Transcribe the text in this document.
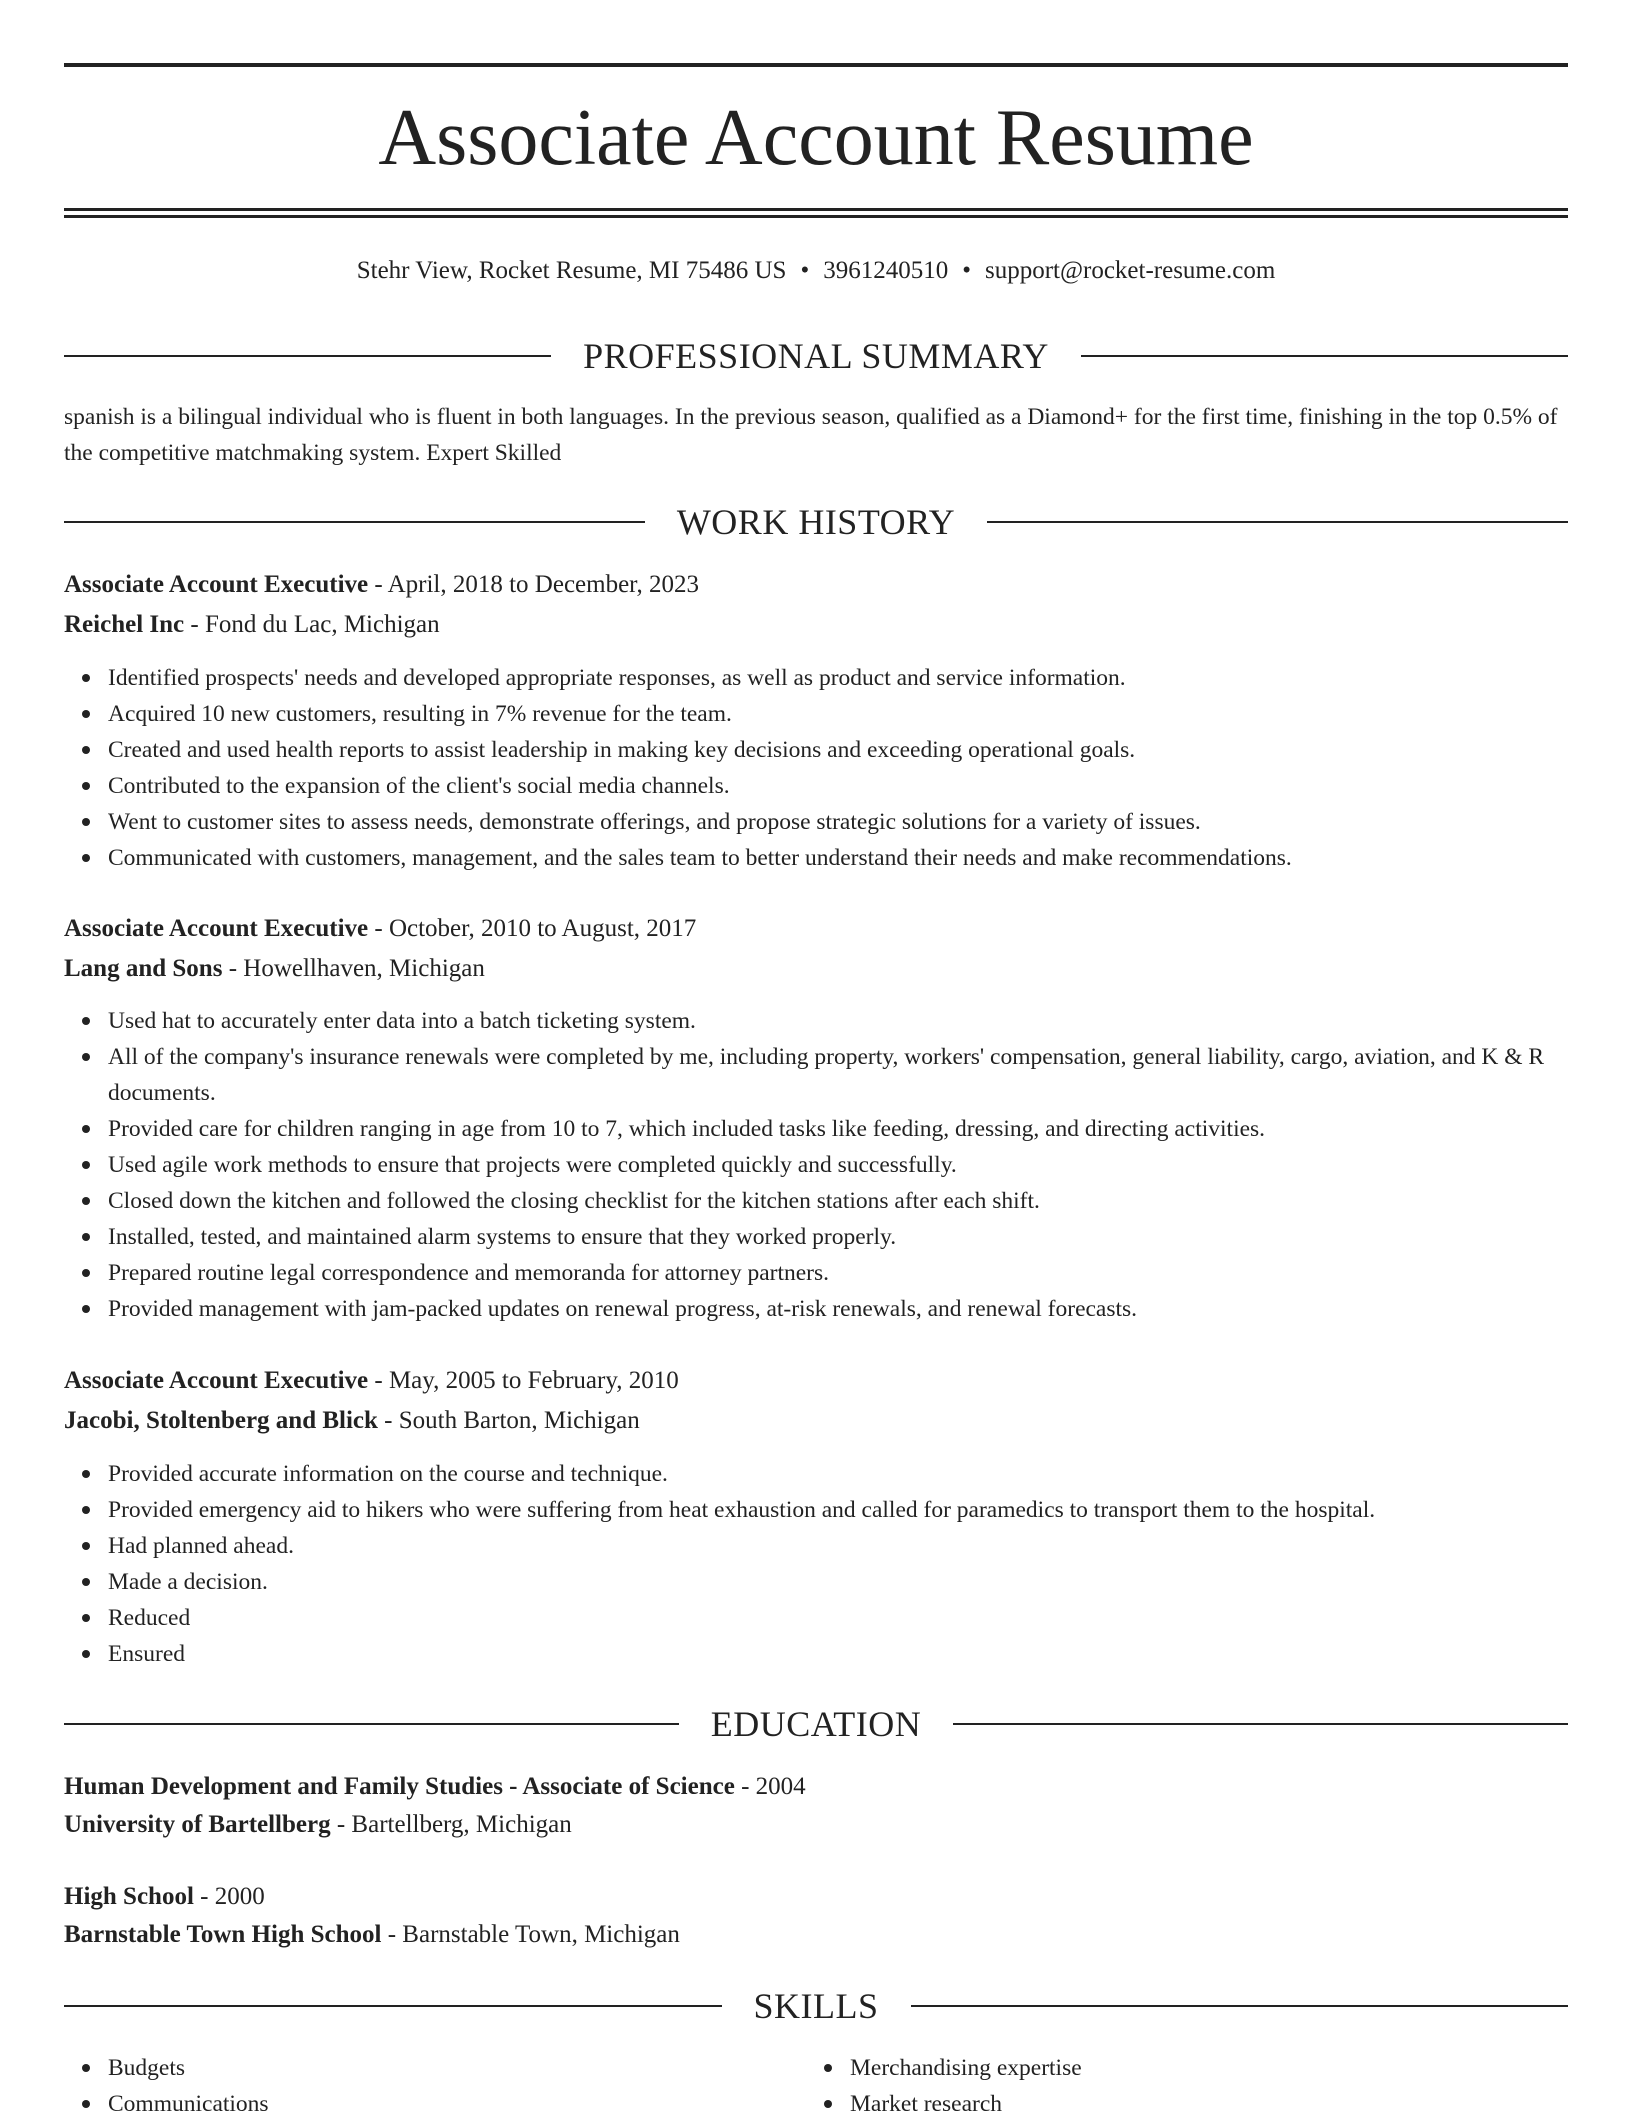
Associate Account Resume
Stehr View, Rocket Resume, MI 75486 US • 3961240510 • support@rocket-resume.com
PROFESSIONAL SUMMARY

spanish is a bilingual individual who is fluent in both languages. In the previous season, qualified as a Diamond+ for the first time, finishing in the top 0.5% of the competitive matchmaking system. Expert Skilled

WORK HISTORY
Associate Account Executive - April, 2018 to December, 2023
Reichel Inc - Fond du Lac, Michigan
Identified prospects' needs and developed appropriate responses, as well as product and service information.
Acquired 10 new customers, resulting in 7% revenue for the team.
Created and used health reports to assist leadership in making key decisions and exceeding operational goals.
Contributed to the expansion of the client's social media channels.
Went to customer sites to assess needs, demonstrate offerings, and propose strategic solutions for a variety of issues.
Communicated with customers, management, and the sales team to better understand their needs and make recommendations.
Associate Account Executive - October, 2010 to August, 2017
Lang and Sons - Howellhaven, Michigan
Used hat to accurately enter data into a batch ticketing system.
All of the company's insurance renewals were completed by me, including property, workers' compensation, general liability, cargo, aviation, and K & R documents.
Provided care for children ranging in age from 10 to 7, which included tasks like feeding, dressing, and directing activities.
Used agile work methods to ensure that projects were completed quickly and successfully.
Closed down the kitchen and followed the closing checklist for the kitchen stations after each shift.
Installed, tested, and maintained alarm systems to ensure that they worked properly.
Prepared routine legal correspondence and memoranda for attorney partners.
Provided management with jam-packed updates on renewal progress, at-risk renewals, and renewal forecasts.
Associate Account Executive - May, 2005 to February, 2010
Jacobi, Stoltenberg and Blick - South Barton, Michigan
Provided accurate information on the course and technique.
Provided emergency aid to hikers who were suffering from heat exhaustion and called for paramedics to transport them to the hospital.
Had planned ahead.
Made a decision.
Reduced
Ensured
EDUCATION
Human Development and Family Studies - Associate of Science - 2004
University of Bartellberg - Bartellberg, Michigan
High School - 2000
Barnstable Town High School - Barnstable Town, Michigan
SKILLS
Budgets
Communications
Merchandising expertise
Market research
